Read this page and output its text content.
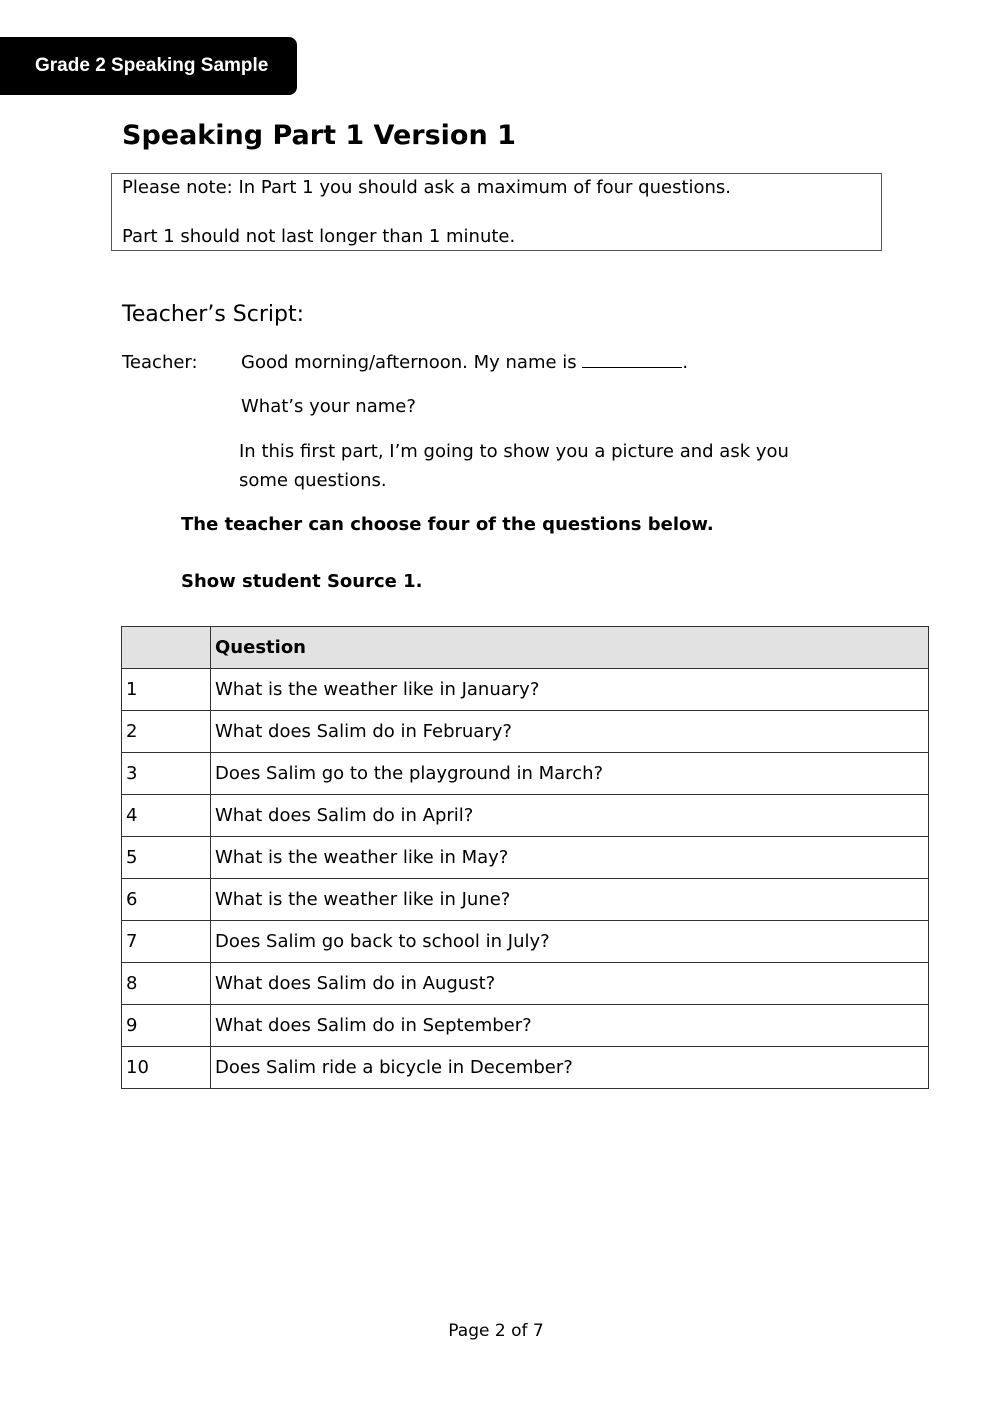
Grade 2 Speaking Sample
Speaking Part 1 Version 1
Please note: In Part 1 you should ask a maximum of four questions.
Part 1 should not last longer than 1 minute.
Teacher’s Script:
Teacher: Good morning/afternoon. My name is	.
What’s your name?
In this first part, I’m going to show you a picture and ask you
some questions.
The teacher can choose four of the questions below.
Show student Source 1.
	Question
1	What is the weather like in January?
2	What does Salim do in February?
3	Does Salim go to the playground in March?
4	What does Salim do in April?
5	What is the weather like in May?
6	What is the weather like in June?
7	Does Salim go back to school in July?
8	What does Salim do in August?
9	What does Salim do in September?
10	Does Salim ride a bicycle in December?
Page 2 of 7
